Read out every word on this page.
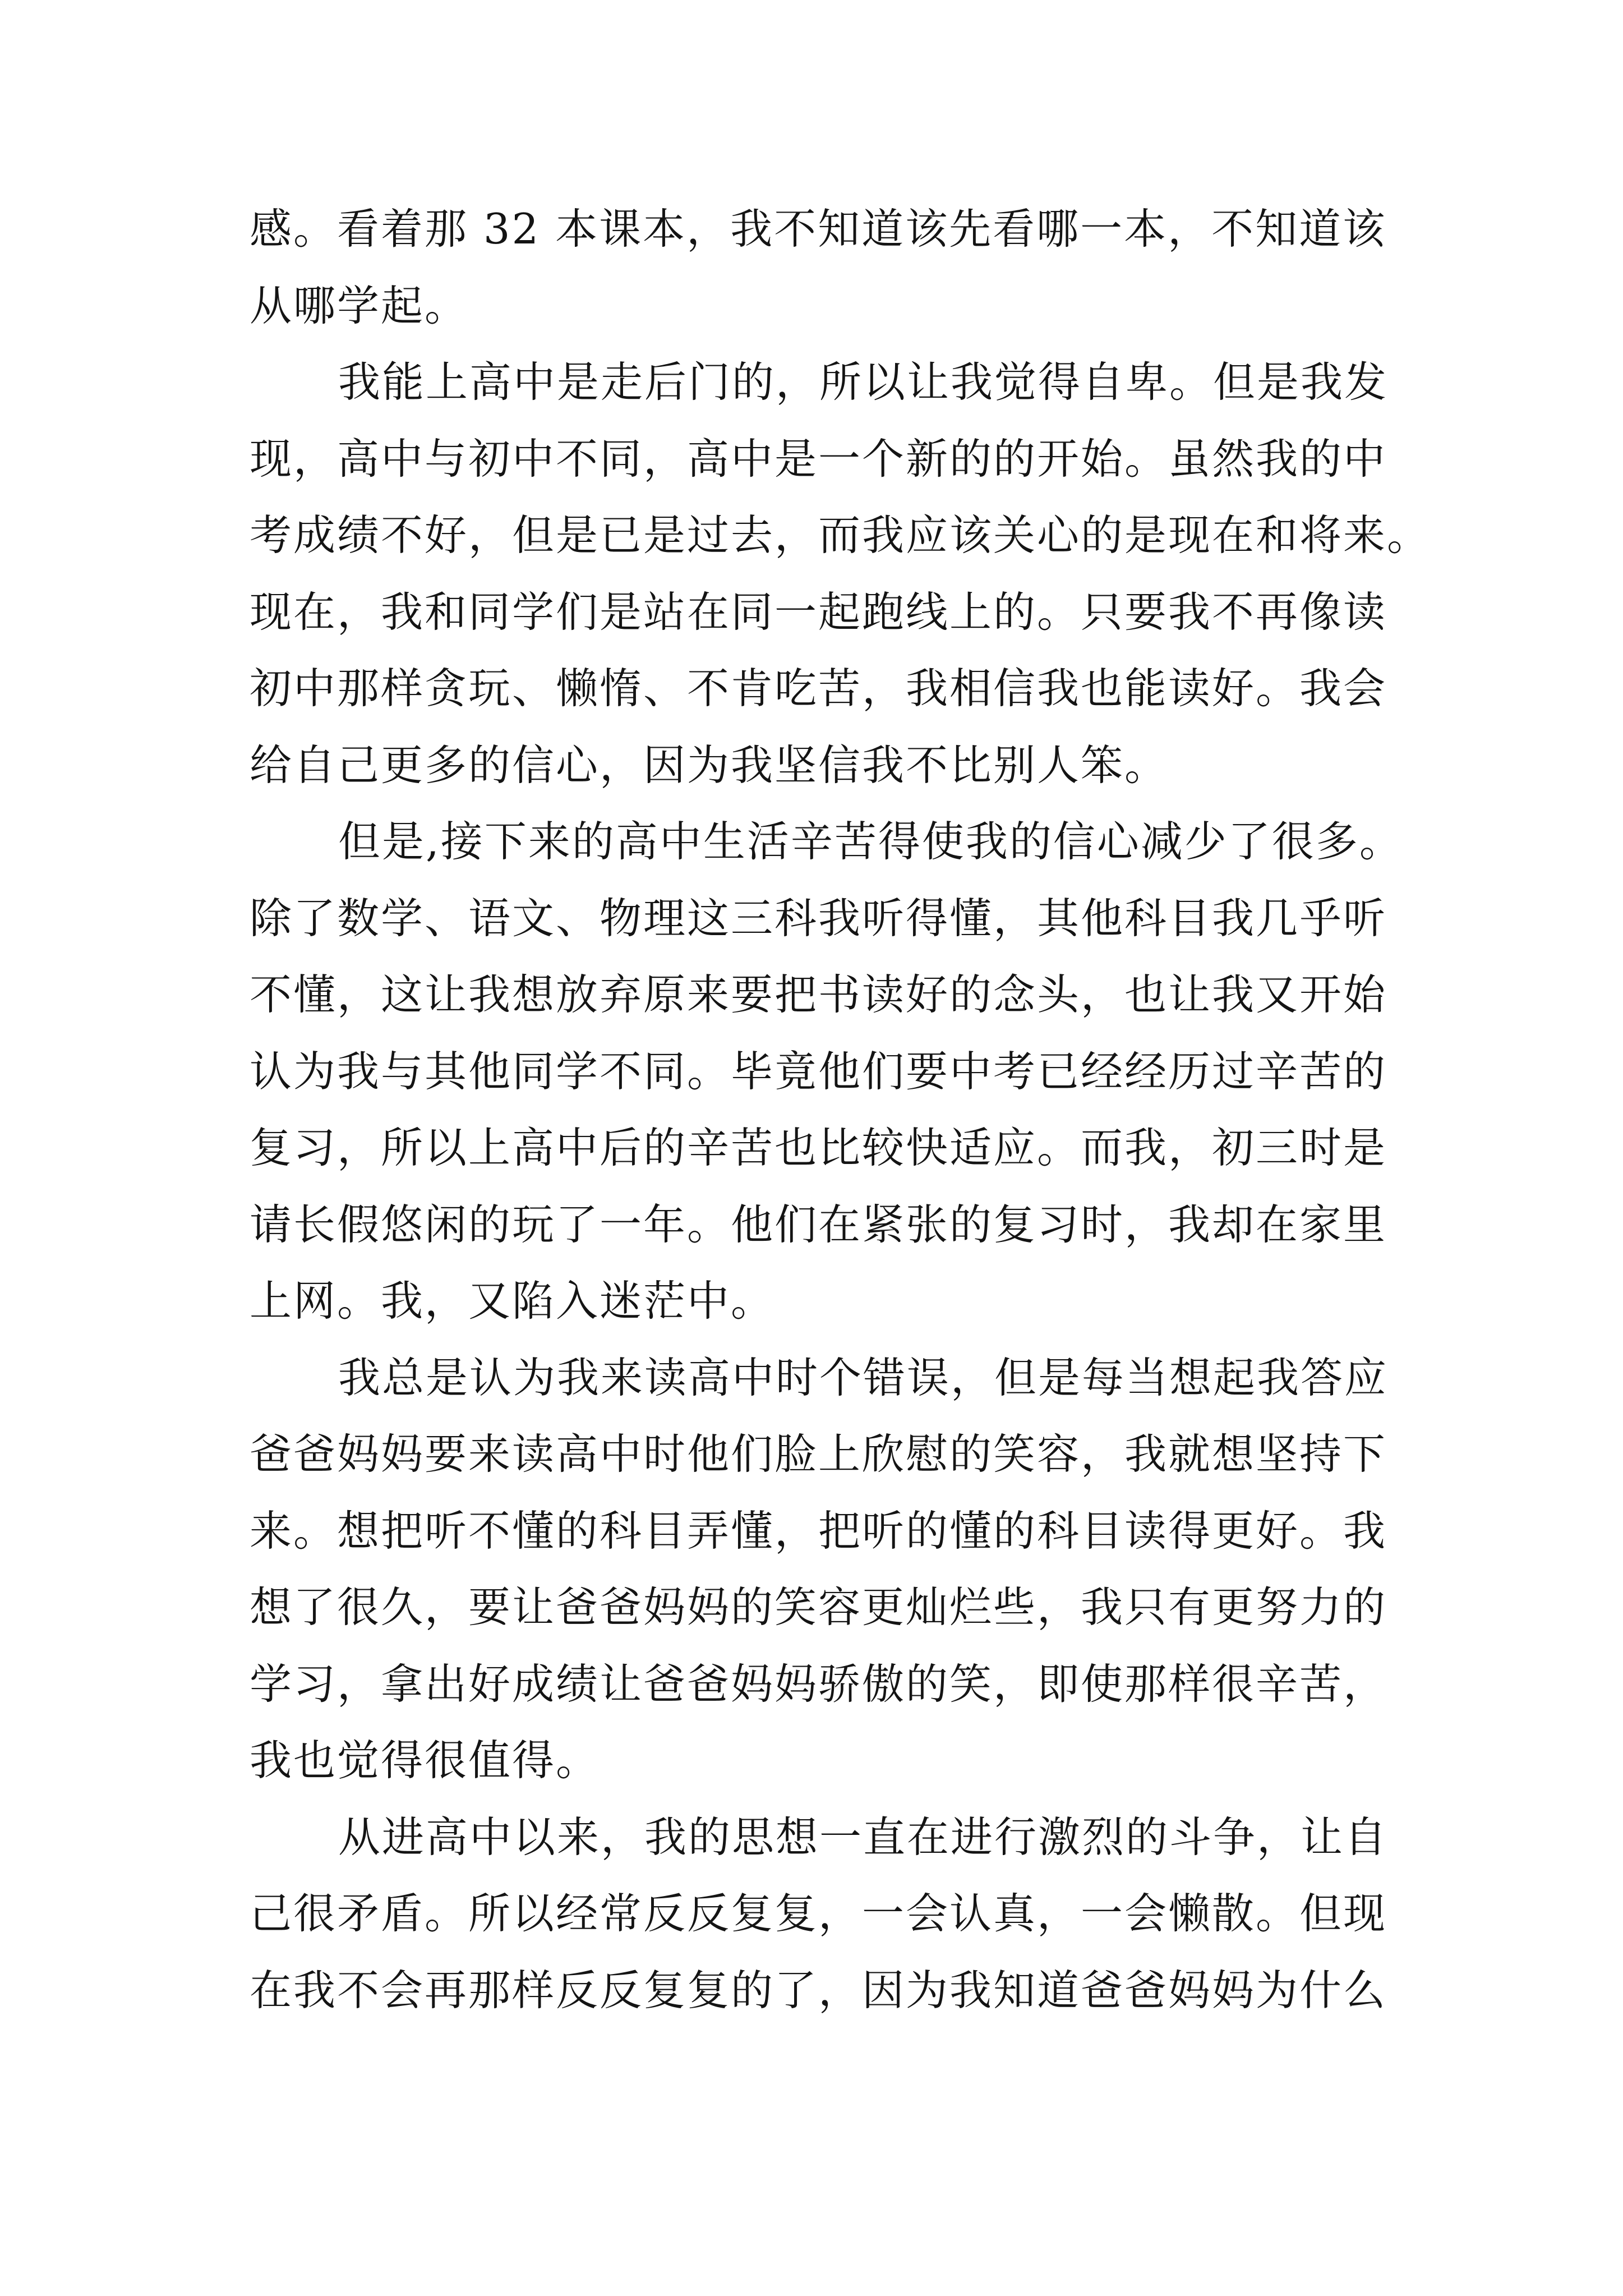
感。看着那 32 本课本，我不知道该先看哪一本，不知道该
从哪学起。
我能上高中是走后门的，所以让我觉得自卑。但是我发
现，高中与初中不同，高中是一个新的的开始。虽然我的中
考成绩不好，但是已是过去，而我应该关心的是现在和将来。
现在，我和同学们是站在同一起跑线上的。只要我不再像读
初中那样贪玩、懒惰、不肯吃苦，我相信我也能读好。我会
给自己更多的信心，因为我坚信我不比别人笨。
但是,接下来的高中生活辛苦得使我的信心减少了很多。
除了数学、语文、物理这三科我听得懂，其他科目我几乎听
不懂，这让我想放弃原来要把书读好的念头，也让我又开始
认为我与其他同学不同。毕竟他们要中考已经经历过辛苦的
复习，所以上高中后的辛苦也比较快适应。而我，初三时是
请长假悠闲的玩了一年。他们在紧张的复习时，我却在家里
上网。我，又陷入迷茫中。
我总是认为我来读高中时个错误，但是每当想起我答应
爸爸妈妈要来读高中时他们脸上欣慰的笑容，我就想坚持下
来。想把听不懂的科目弄懂，把听的懂的科目读得更好。我
想了很久，要让爸爸妈妈的笑容更灿烂些，我只有更努力的
学习，拿出好成绩让爸爸妈妈骄傲的笑，即使那样很辛苦，
我也觉得很值得。
从进高中以来，我的思想一直在进行激烈的斗争，让自
己很矛盾。所以经常反反复复，一会认真，一会懒散。但现
在我不会再那样反反复复的了，因为我知道爸爸妈妈为什么
